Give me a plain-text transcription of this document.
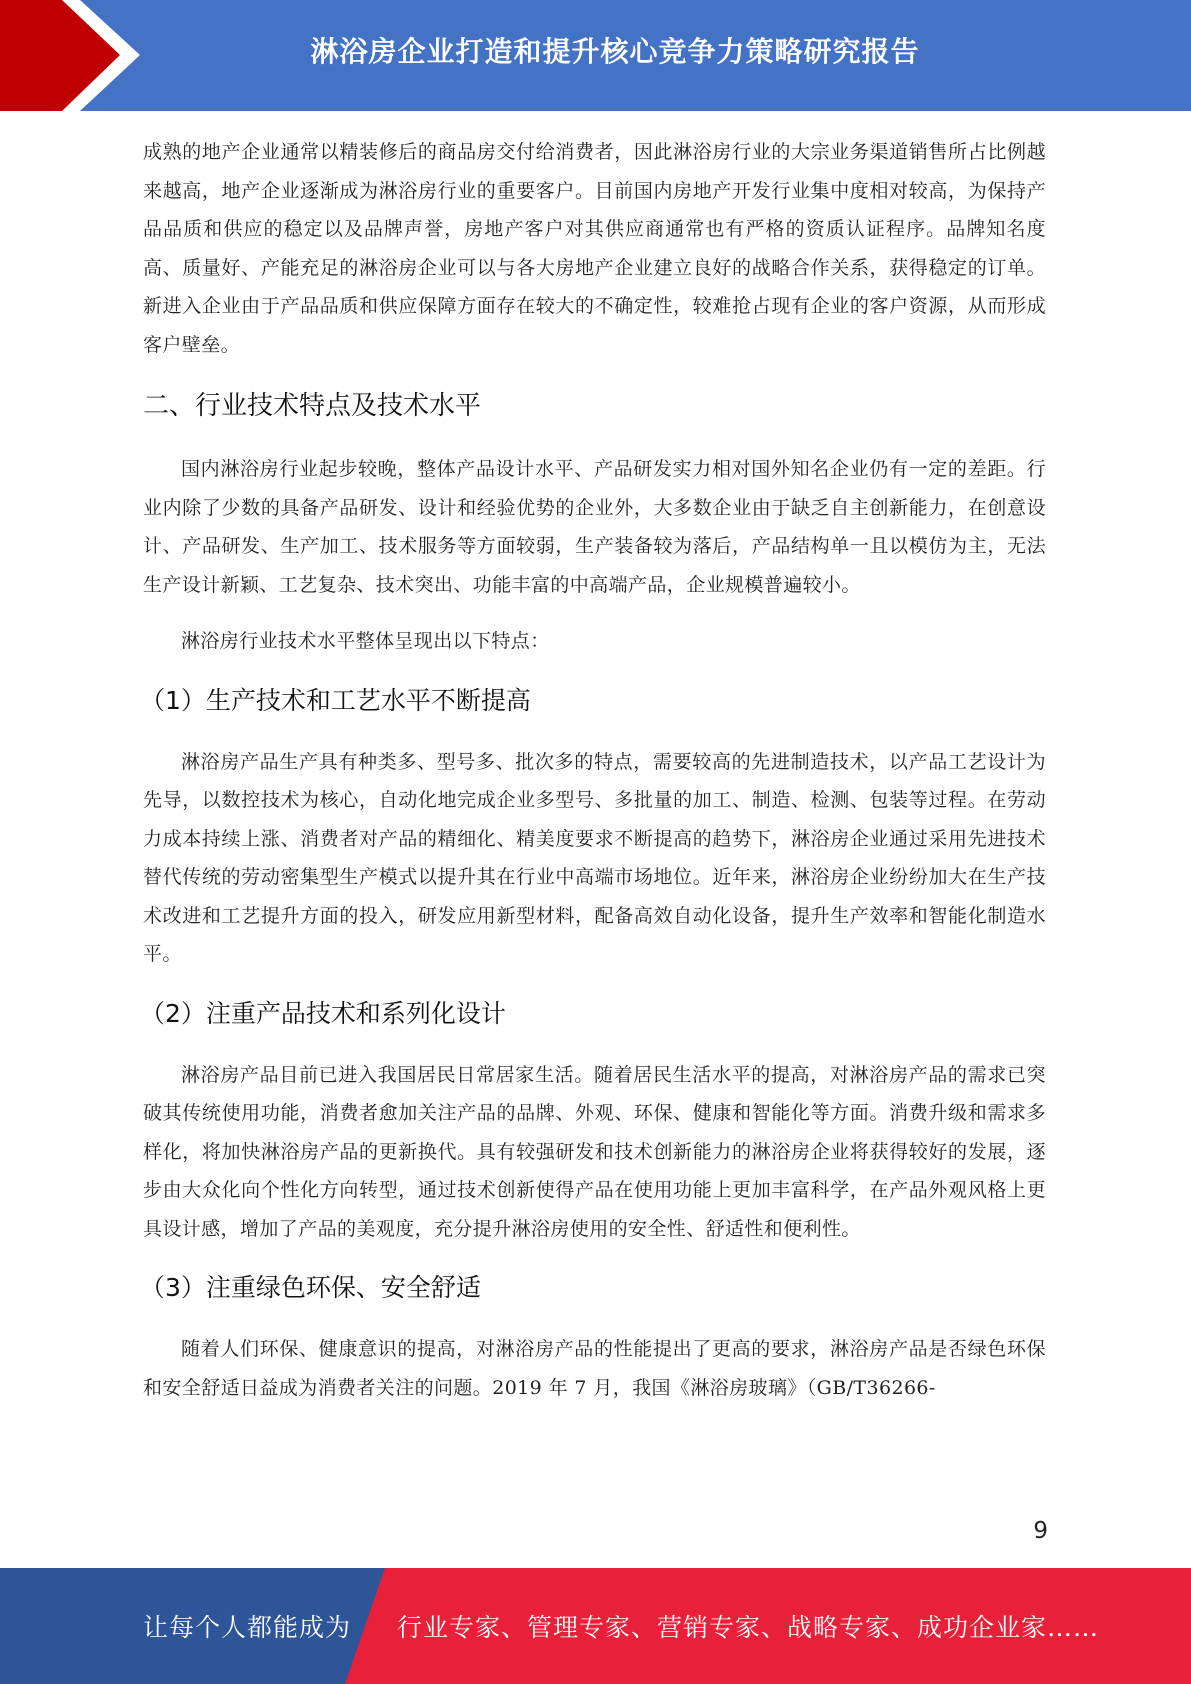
淋浴房企业打造和提升核心竞争力策略研究报告

成熟的地产企业通常以精装修后的商品房交付给消费者，因此淋浴房行业的大宗业务渠道销售所占比例越来越高，地产企业逐渐成为淋浴房行业的重要客户。目前国内房地产开发行业集中度相对较高，为保持产品品质和供应的稳定以及品牌声誉，房地产客户对其供应商通常也有严格的资质认证程序。品牌知名度高、质量好、产能充足的淋浴房企业可以与各大房地产企业建立良好的战略合作关系，获得稳定的订单。新进入企业由于产品品质和供应保障方面存在较大的不确定性，较难抢占现有企业的客户资源，从而形成客户壁垒。

二、行业技术特点及技术水平

国内淋浴房行业起步较晚，整体产品设计水平、产品研发实力相对国外知名企业仍有一定的差距。行业内除了少数的具备产品研发、设计和经验优势的企业外，大多数企业由于缺乏自主创新能力，在创意设计、产品研发、生产加工、技术服务等方面较弱，生产装备较为落后，产品结构单一且以模仿为主，无法生产设计新颖、工艺复杂、技术突出、功能丰富的中高端产品，企业规模普遍较小。

淋浴房行业技术水平整体呈现出以下特点：

（1）生产技术和工艺水平不断提高

淋浴房产品生产具有种类多、型号多、批次多的特点，需要较高的先进制造技术，以产品工艺设计为先导，以数控技术为核心，自动化地完成企业多型号、多批量的加工、制造、检测、包装等过程。在劳动力成本持续上涨、消费者对产品的精细化、精美度要求不断提高的趋势下，淋浴房企业通过采用先进技术替代传统的劳动密集型生产模式以提升其在行业中高端市场地位。近年来，淋浴房企业纷纷加大在生产技术改进和工艺提升方面的投入，研发应用新型材料，配备高效自动化设备，提升生产效率和智能化制造水平。

（2）注重产品技术和系列化设计

淋浴房产品目前已进入我国居民日常居家生活。随着居民生活水平的提高，对淋浴房产品的需求已突破其传统使用功能，消费者愈加关注产品的品牌、外观、环保、健康和智能化等方面。消费升级和需求多样化，将加快淋浴房产品的更新换代。具有较强研发和技术创新能力的淋浴房企业将获得较好的发展，逐步由大众化向个性化方向转型，通过技术创新使得产品在使用功能上更加丰富科学，在产品外观风格上更具设计感，增加了产品的美观度，充分提升淋浴房使用的安全性、舒适性和便利性。

（3）注重绿色环保、安全舒适

随着人们环保、健康意识的提高，对淋浴房产品的性能提出了更高的要求，淋浴房产品是否绿色环保和安全舒适日益成为消费者关注的问题。2019 年 7 月，我国《淋浴房玻璃》（GB/T36266-

9
让每个人都能成为 行业专家、管理专家、营销专家、战略专家、成功企业家……
